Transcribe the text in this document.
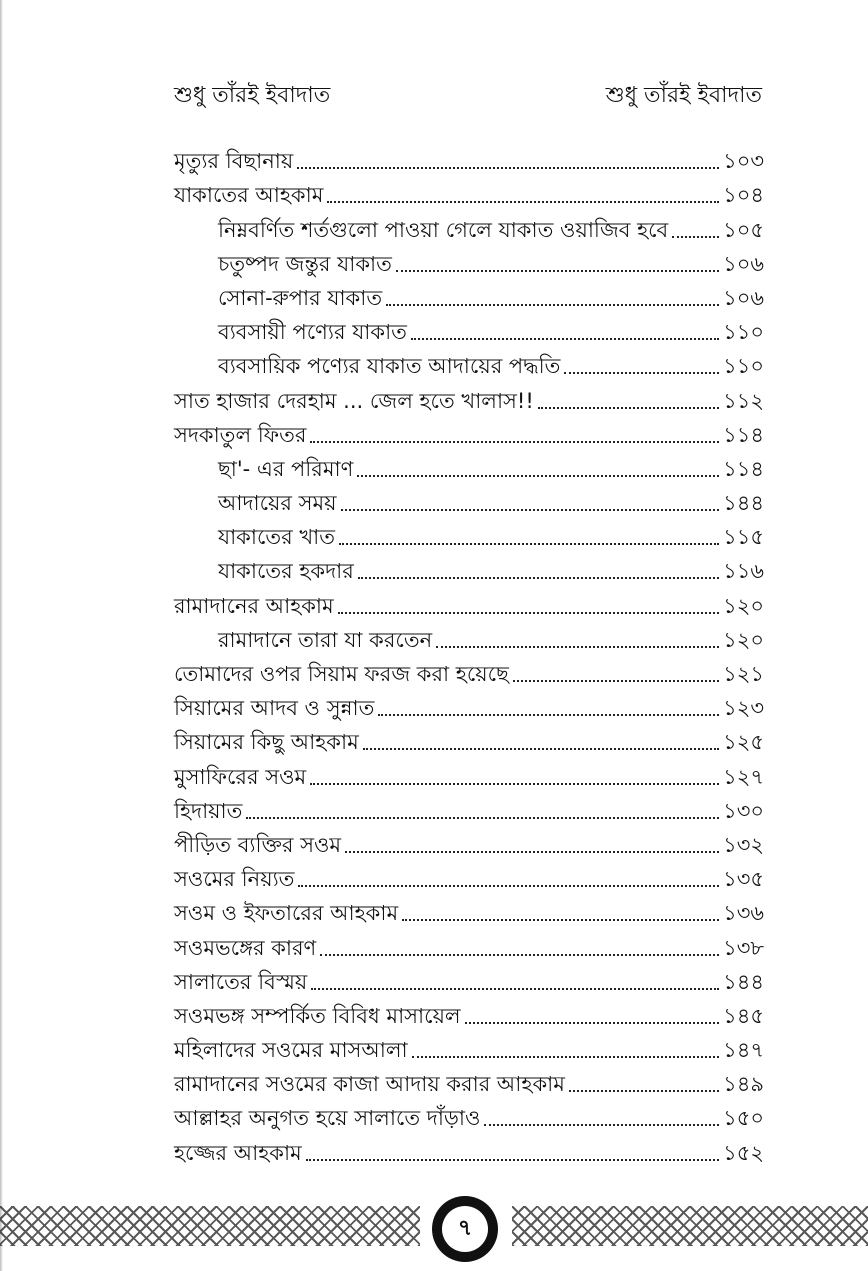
শুধু তাঁরই ইবাদাত	শুধু তাঁরই ইবাদাত
মৃত্যুর বিছানায়	১০৩
যাকাতের আহকাম	১০৪
নিম্নবর্ণিত শর্তগুলো পাওয়া গেলে যাকাত ওয়াজিব হবে	১০৫
চতুষ্পদ জন্তুর যাকাত	১০৬
সোনা-রুপার যাকাত	১০৬
ব্যবসায়ী পণ্যের যাকাত	১১০
ব্যবসায়িক পণ্যের যাকাত আদায়ের পদ্ধতি	১১০
সাত হাজার দেরহাম ... জেল হতে খালাস!!	১১২
সদকাতুল ফিতর	১১৪
ছা'- এর পরিমাণ	১১৪
আদায়ের সময়	১৪৪
যাকাতের খাত	১১৫
যাকাতের হকদার	১১৬
রামাদানের আহকাম	১২০
রামাদানে তারা যা করতেন	১২০
তোমাদের ওপর সিয়াম ফরজ করা হয়েছে	১২১
সিয়ামের আদব ও সুন্নাত	১২৩
সিয়ামের কিছু আহকাম	১২৫
মুসাফিরের সওম	১২৭
হিদায়াত	১৩০
পীড়িত ব্যক্তির সওম	১৩২
সওমের নিয়্যত	১৩৫
সওম ও ইফতারের আহকাম	১৩৬
সওমভঙ্গের কারণ	১৩৮
সালাতের বিস্ময়	১৪৪
সওমভঙ্গ সম্পর্কিত বিবিধ মাসায়েল	১৪৫
মহিলাদের সওমের মাসআলা	১৪৭
রামাদানের সওমের কাজা আদায় করার আহকাম	১৪৯
আল্লাহর অনুগত হয়ে সালাতে দাঁড়াও	১৫০
হজ্জের আহকাম	১৫২
৭
